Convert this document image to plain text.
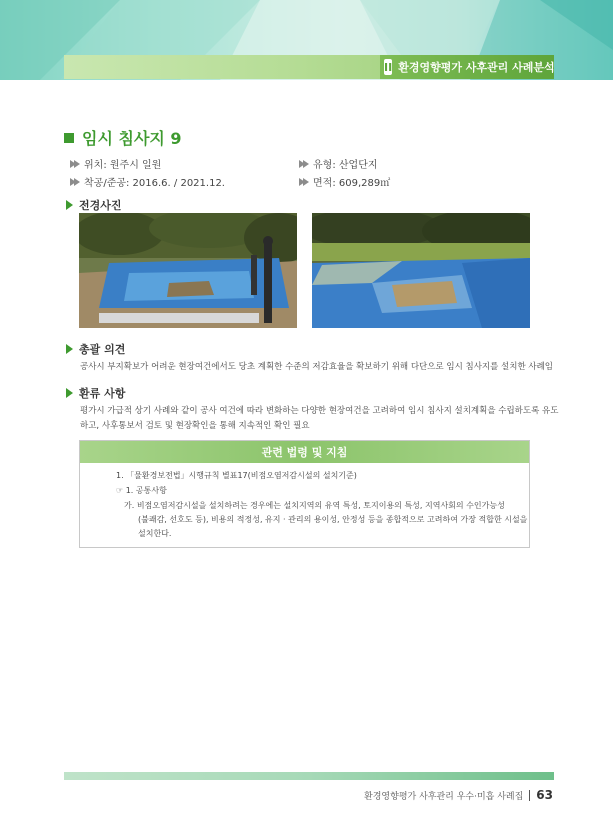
II 환경영향평가 사후관리 사례분석
임시 침사지 9
위치: 원주시 일원	유형: 산업단지
착공/준공: 2016.6. / 2021.12.	면적: 609,289㎡
전경사진
총괄 의견
공사시 부지확보가 어려운 현장여건에서도 당초 계획한 수준의 저감효율을 확보하기 위해 다단으로 임시 침사지를 설치한 사례임
환류 사항
평가시 가급적 상기 사례와 같이 공사 여건에 따라 변화하는 다양한 현장여건을 고려하여 임시 침사지 설치계획을 수립하도록 유도
하고, 사후통보서 검토 및 현장확인을 통해 지속적인 확인 필요
관련 법령 및 지침
1. 「물환경보전법」시행규칙 별표17(비점오염저감시설의 설치기준)
☞ 1. 공통사항
가. 비점오염저감시설을 설치하려는 경우에는 설치지역의 유역 특성, 토지이용의 특성, 지역사회의 수인가능성
(불쾌감, 선호도 등), 비용의 적정성, 유지 · 관리의 용이성, 안정성 등을 종합적으로 고려하여 가장 적합한 시설을
설치한다.
환경영향평가 사후관리 우수·미흡 사례집 63
